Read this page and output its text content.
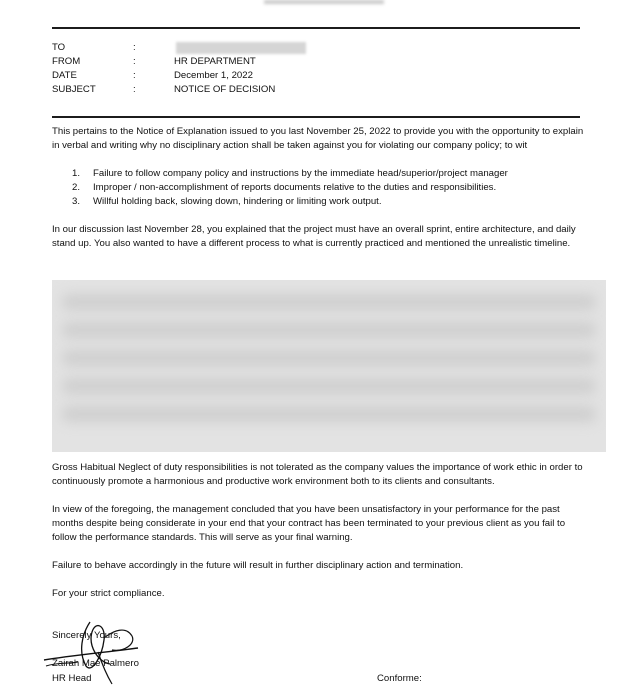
TO	:
FROM	:	HR DEPARTMENT
DATE	:	December 1, 2022
SUBJECT	:	NOTICE OF DECISION

This pertains to the Notice of Explanation issued to you last November 25, 2022 to provide you with the opportunity to explain in verbal and writing why no disciplinary action shall be taken against you for violating our company policy; to wit

1. Failure to follow company policy and instructions by the immediate head/superior/project manager
2. Improper / non-accomplishment of reports documents relative to the duties and responsibilities.
3. Willful holding back, slowing down, hindering or limiting work output.

In our discussion last November 28, you explained that the project must have an overall sprint, entire architecture, and daily stand up. You also wanted to have a different process to what is currently practiced and mentioned the unrealistic timeline.

Gross Habitual Neglect of duty responsibilities is not tolerated as the company values the importance of work ethic in order to continuously promote a harmonious and productive work environment both to its clients and consultants.

In view of the foregoing, the management concluded that you have been unsatisfactory in your performance for the past months despite being considerate in your end that your contract has been terminated to your previous client as you fail to follow the performance standards. This will serve as your final warning.

Failure to behave accordingly in the future will result in further disciplinary action and termination.

For your strict compliance.

Sincerely Yours,
Zairah Mae Palmero
HR Head	Conforme:
